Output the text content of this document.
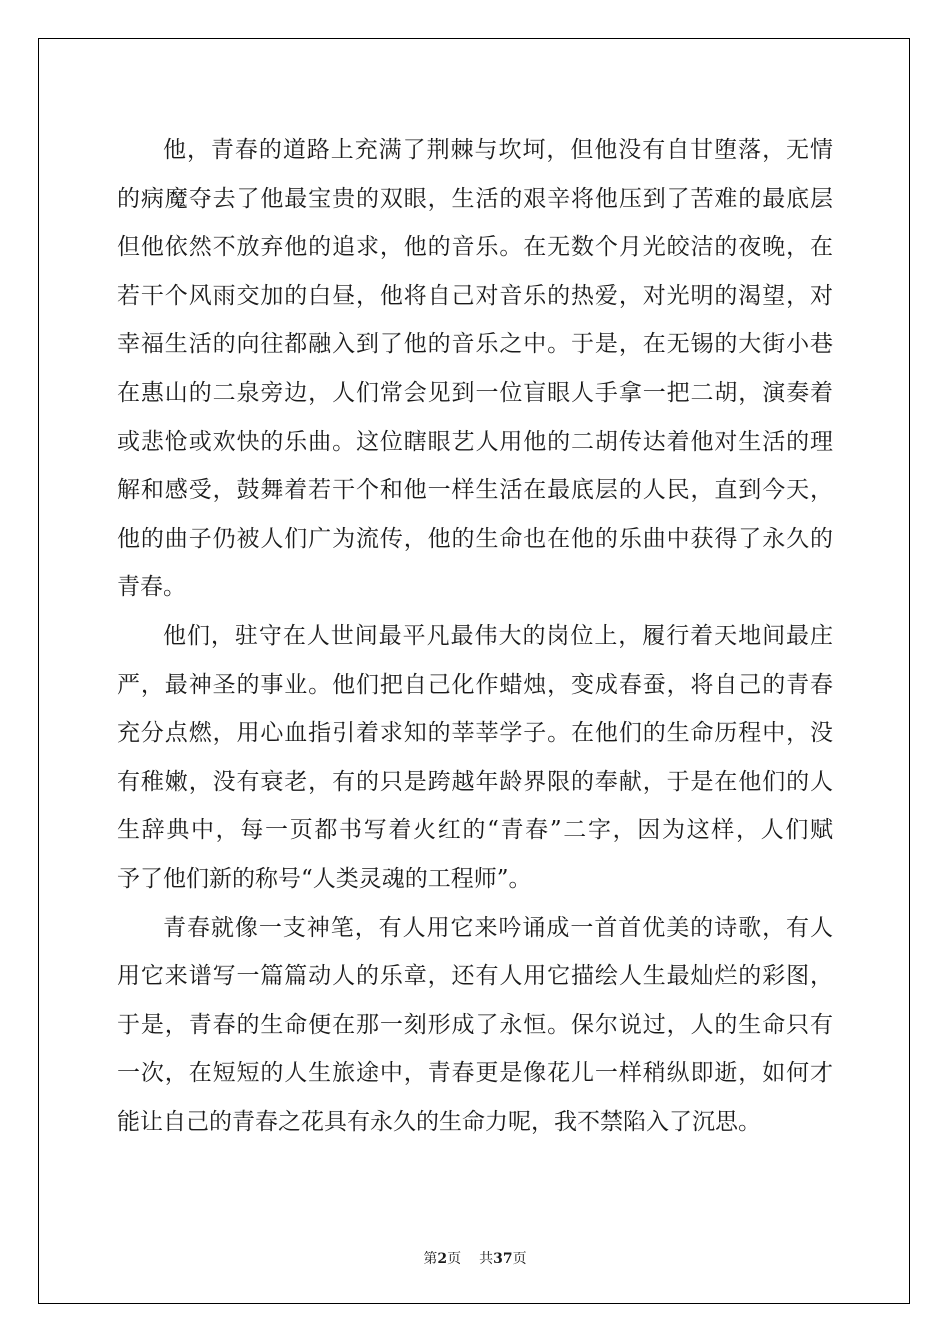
他，青春的道路上充满了荆棘与坎坷，但他没有自甘堕落，无情
的病魔夺去了他最宝贵的双眼，生活的艰辛将他压到了苦难的最底层
但他依然不放弃他的追求，他的音乐。在无数个月光皎洁的夜晚，在
若干个风雨交加的白昼，他将自己对音乐的热爱，对光明的渴望，对
幸福生活的向往都融入到了他的音乐之中。于是，在无锡的大街小巷
在惠山的二泉旁边，人们常会见到一位盲眼人手拿一把二胡，演奏着
或悲怆或欢快的乐曲。这位瞎眼艺人用他的二胡传达着他对生活的理
解和感受，鼓舞着若干个和他一样生活在最底层的人民，直到今天，
他的曲子仍被人们广为流传，他的生命也在他的乐曲中获得了永久的
青春。
他们，驻守在人世间最平凡最伟大的岗位上，履行着天地间最庄
严，最神圣的事业。他们把自己化作蜡烛，变成春蚕，将自己的青春
充分点燃，用心血指引着求知的莘莘学子。在他们的生命历程中，没
有稚嫩，没有衰老，有的只是跨越年龄界限的奉献，于是在他们的人
生辞典中，每一页都书写着火红的“青春”二字，因为这样，人们赋
予了他们新的称号“人类灵魂的工程师”。
青春就像一支神笔，有人用它来吟诵成一首首优美的诗歌，有人
用它来谱写一篇篇动人的乐章，还有人用它描绘人生最灿烂的彩图，
于是，青春的生命便在那一刻形成了永恒。保尔说过，人的生命只有
一次，在短短的人生旅途中，青春更是像花儿一样稍纵即逝，如何才
能让自己的青春之花具有永久的生命力呢，我不禁陷入了沉思。
第2页 共37页
